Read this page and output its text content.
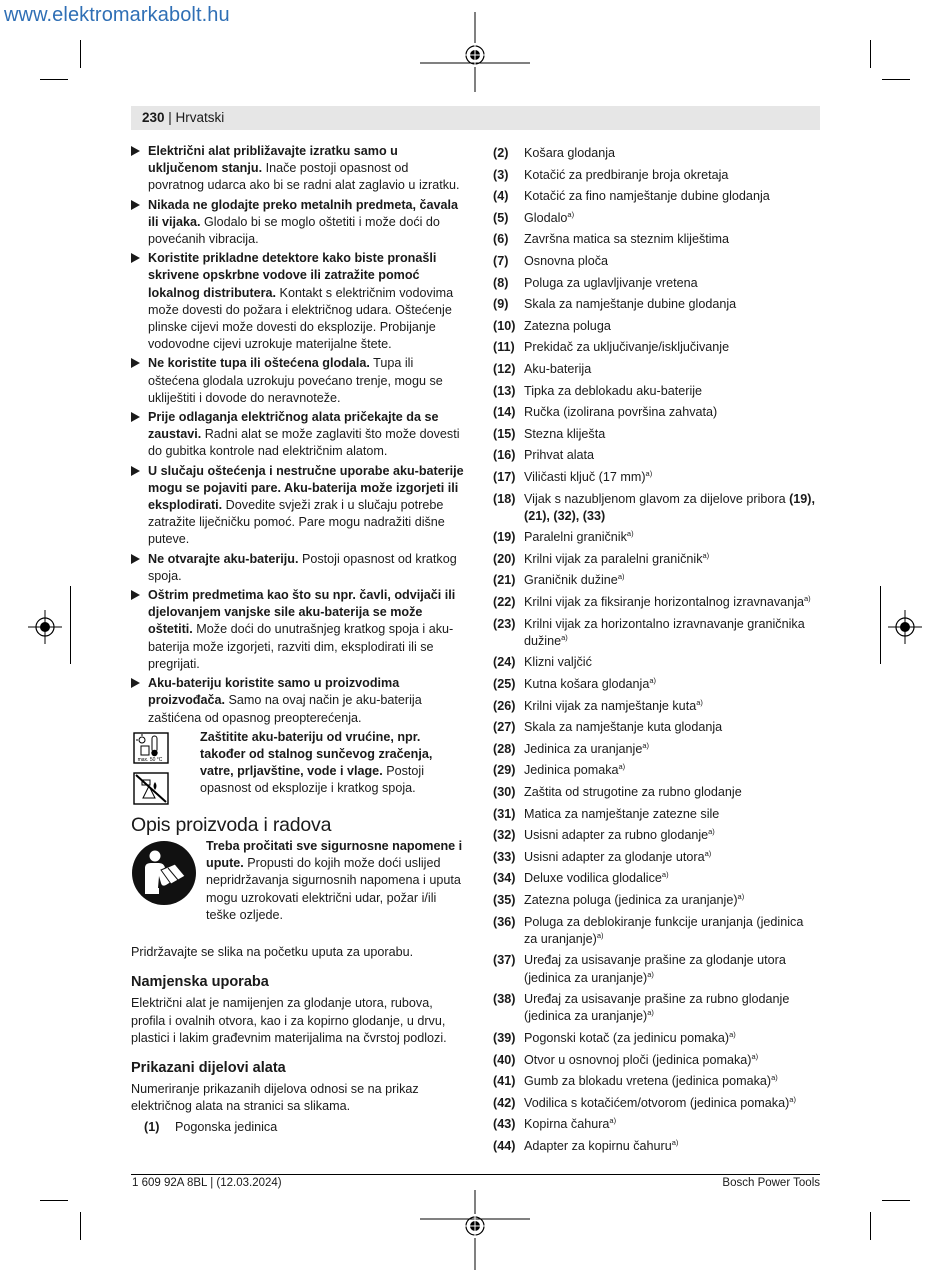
www.elektromarkabolt.hu
230 | Hrvatski
Električni alat približavajte izratku samo u uključenom stanju. Inače postoji opasnost od povratnog udarca ako bi se radni alat zaglavio u izratku.
Nikada ne glodajte preko metalnih predmeta, čavala ili vijaka. Glodalo bi se moglo oštetiti i može doći do povećanih vibracija.
Koristite prikladne detektore kako biste pronašli skrivene opskrbne vodove ili zatražite pomoć lokalnog distributera. Kontakt s električnim vodovima može dovesti do požara i električnog udara. Oštećenje plinske cijevi može dovesti do eksplozije. Probijanje vodovodne cijevi uzrokuje materijalne štete.
Ne koristite tupa ili oštećena glodala. Tupa ili oštećena glodala uzrokuju povećano trenje, mogu se ukliještiti i dovode do neravnoteže.
Prije odlaganja električnog alata pričekajte da se zaustavi. Radni alat se može zaglaviti što može dovesti do gubitka kontrole nad električnim alatom.
U slučaju oštećenja i nestručne uporabe aku-baterije mogu se pojaviti pare. Aku-baterija može izgorjeti ili eksplodirati. Dovedite svježi zrak i u slučaju potrebe zatražite liječničku pomoć. Pare mogu nadražiti dišne puteve.
Ne otvarajte aku-bateriju. Postoji opasnost od kratkog spoja.
Oštrim predmetima kao što su npr. čavli, odvijači ili djelovanjem vanjske sile aku-baterija se može oštetiti. Može doći do unutrašnjeg kratkog spoja i aku-baterija može izgorjeti, razviti dim, eksplodirati ili se pregrijati.
Aku-bateriju koristite samo u proizvodima proizvođača. Samo na ovaj način je aku-baterija zaštićena od opasnog preopterećenja.
max. 50 °C

Zaštitite aku-bateriju od vrućine, npr. također od stalnog sunčevog zračenja, vatre, prljavštine, vode i vlage. Postoji opasnost od eksplozije i kratkog spoja.
Opis proizvoda i radova
Treba pročitati sve sigurnosne napomene i upute. Propusti do kojih može doći uslijed nepridržavanja sigurnosnih napomena i uputa mogu uzrokovati električni udar, požar i/ili teške ozljede.

Pridržavajte se slika na početku uputa za uporabu.

Namjenska uporaba

Električni alat je namijenjen za glodanje utora, rubova, profila i ovalnih otvora, kao i za kopirno glodanje, u drvu, plastici i lakim građevnim materijalima na čvrstoj podlozi.

Prikazani dijelovi alata

Numeriranje prikazanih dijelova odnosi se na prikaz električnog alata na stranici sa slikama.

(1) Pogonska jedinica
(2) Košara glodanja
(3) Kotačić za predbiranje broja okretaja
(4) Kotačić za fino namještanje dubine glodanja
(5) Glodalo$^{a)}$
(6) Završna matica sa steznim kliještima
(7) Osnovna ploča
(8) Poluga za uglavljivanje vretena
(9) Skala za namještanje dubine glodanja
(10) Zatezna poluga
(11) Prekidač za uključivanje/isključivanje
(12) Aku-baterija
(13) Tipka za deblokadu aku-baterije
(14) Ručka (izolirana površina zahvata)
(15) Stezna kliješta
(16) Prihvat alata
(17) Viličasti ključ (17 mm)$^{a)}$
(18) Vijak s nazubljenom glavom za dijelove pribora (19), (21), (32), (33)
(19) Paralelni graničnik$^{a)}$
(20) Krilni vijak za paralelni graničnik$^{a)}$
(21) Graničnik dužine$^{a)}$
(22) Krilni vijak za fiksiranje horizontalnog izravnavanja$^{a)}$
(23) Krilni vijak za horizontalno izravnavanje graničnika dužine$^{a)}$
(24) Klizni valjčić
(25) Kutna košara glodanja$^{a)}$
(26) Krilni vijak za namještanje kuta$^{a)}$
(27) Skala za namještanje kuta glodanja
(28) Jedinica za uranjanje$^{a)}$
(29) Jedinica pomaka$^{a)}$
(30) Zaštita od strugotine za rubno glodanje
(31) Matica za namještanje zatezne sile
(32) Usisni adapter za rubno glodanje$^{a)}$
(33) Usisni adapter za glodanje utora$^{a)}$
(34) Deluxe vodilica glodalice$^{a)}$
(35) Zatezna poluga (jedinica za uranjanje)$^{a)}$
(36) Poluga za deblokiranje funkcije uranjanja (jedinica za uranjanje)$^{a)}$
(37) Uređaj za usisavanje prašine za glodanje utora (jedinica za uranjanje)$^{a)}$
(38) Uređaj za usisavanje prašine za rubno glodanje (jedinica za uranjanje)$^{a)}$
(39) Pogonski kotač (za jedinicu pomaka)$^{a)}$
(40) Otvor u osnovnoj ploči (jedinica pomaka)$^{a)}$
(41) Gumb za blokadu vretena (jedinica pomaka)$^{a)}$
(42) Vodilica s kotačićem/otvorom (jedinica pomaka)$^{a)}$
(43) Kopirna čahura$^{a)}$
(44) Adapter za kopirnu čahuru$^{a)}$
1 609 92A 8BL | (12.03.2024)	Bosch Power Tools
